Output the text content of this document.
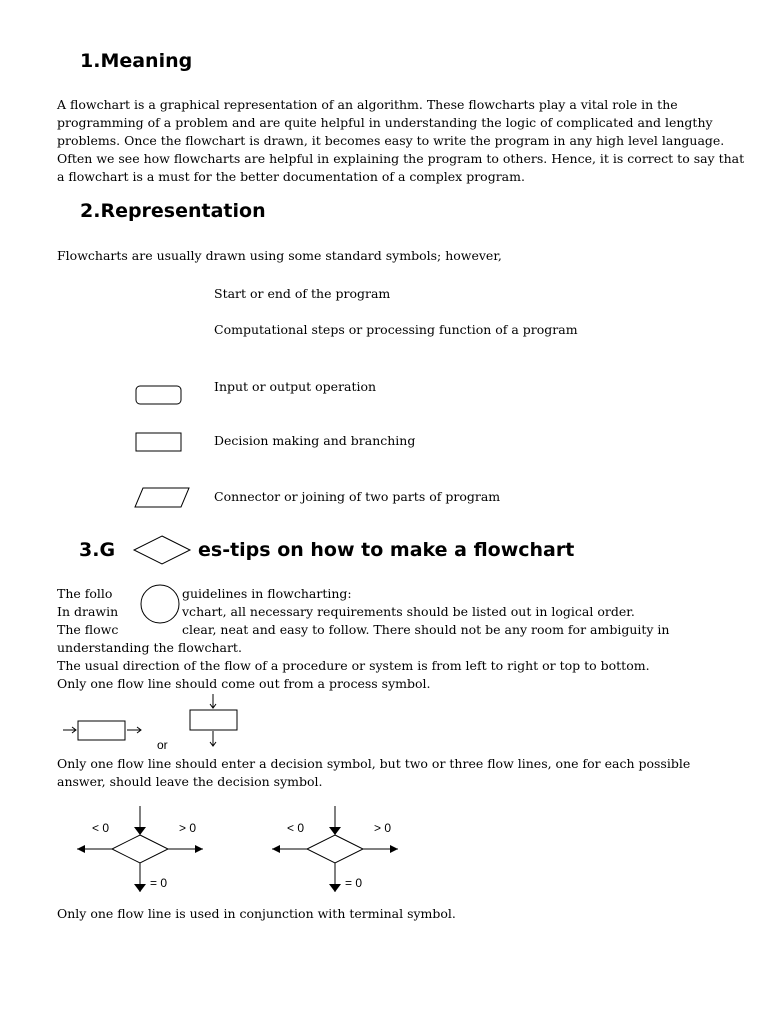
1.Meaning
A flowchart is a graphical representation of an algorithm. These flowcharts play a vital role in the
programming of a problem and are quite helpful in understanding the logic of complicated and lengthy
problems. Once the flowchart is drawn, it becomes easy to write the program in any high level language.
Often we see how flowcharts are helpful in explaining the program to others. Hence, it is correct to say that
a flowchart is a must for the better documentation of a complex program.
2.Representation
Flowcharts are usually drawn using some standard symbols; however,
Start or end of the program
Computational steps or processing function of a program
Input or output operation
Decision making and branching
Connector or joining of two parts of program
3.G	es-tips on how to make a flowchart
The follo	guidelines in flowcharting:
In drawin	vchart, all necessary requirements should be listed out in logical order.
The flowc	clear, neat and easy to follow. There should not be any room for ambiguity in
understanding the flowchart.
The usual direction of the flow of a procedure or system is from left to right or top to bottom.
Only one flow line should come out from a process symbol.
or
Only one flow line should enter a decision symbol, but two or three flow lines, one for each possible
answer, should leave the decision symbol.
< 0	> 0
= 0
< 0	> 0
= 0
Only one flow line is used in conjunction with terminal symbol.
